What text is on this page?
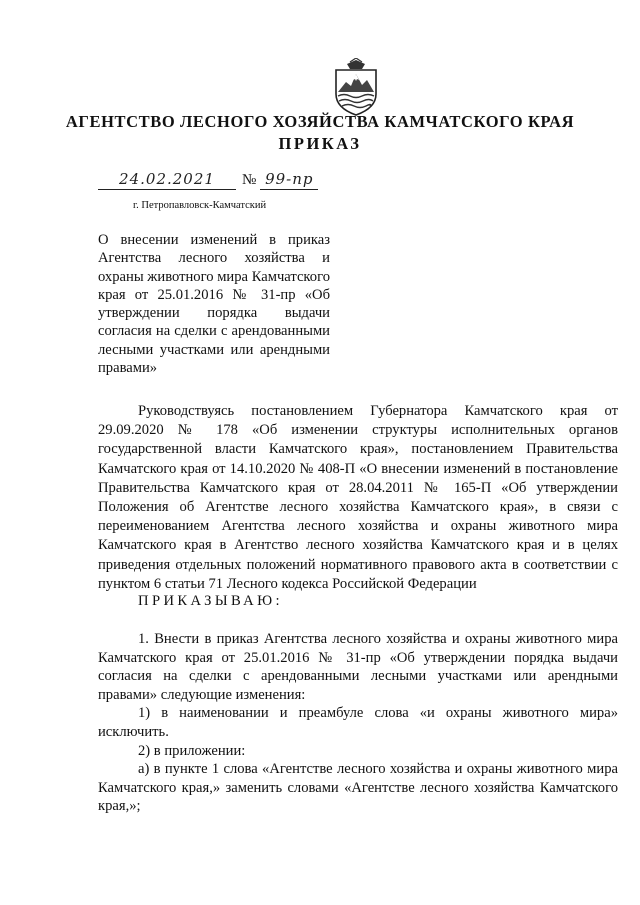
АГЕНТСТВО ЛЕСНОГО ХОЗЯЙСТВА КАМЧАТСКОГО КРАЯ
ПРИКАЗ
24.02.2021 № 99-пр
г. Петропавловск-Камчатский

О внесении изменений в приказ Агентства лесного хозяйства и охраны животного мира Камчатского края от 25.01.2016 № 31-пр «Об утверждении порядка выдачи согласия на сделки с арендованными лесными участками или арендными правами»

Руководствуясь постановлением Губернатора Камчатского края от 29.09.2020 № 178 «Об изменении структуры исполнительных органов государственной власти Камчатского края», постановлением Правительства Камчатского края от 14.10.2020 № 408-П «О внесении изменений в постановление Правительства Камчатского края от 28.04.2011 № 165-П «Об утверждении Положения об Агентстве лесного хозяйства Камчатского края», в связи с переименованием Агентства лесного хозяйства и охраны животного мира Камчатского края в Агентство лесного хозяйства Камчатского края и в целях приведения отдельных положений нормативного правового акта в соответствии с пунктом 6 статьи 71 Лесного кодекса Российской Федерации

ПРИКАЗЫВАЮ:

1. Внести в приказ Агентства лесного хозяйства и охраны животного мира Камчатского края от 25.01.2016 № 31-пр «Об утверждении порядка выдачи согласия на сделки с арендованными лесными участками или арендными правами» следующие изменения:

1) в наименовании и преамбуле слова «и охраны животного мира» исключить.

2) в приложении:

а) в пункте 1 слова «Агентстве лесного хозяйства и охраны животного мира Камчатского края,» заменить словами «Агентстве лесного хозяйства Камчатского края,»;
